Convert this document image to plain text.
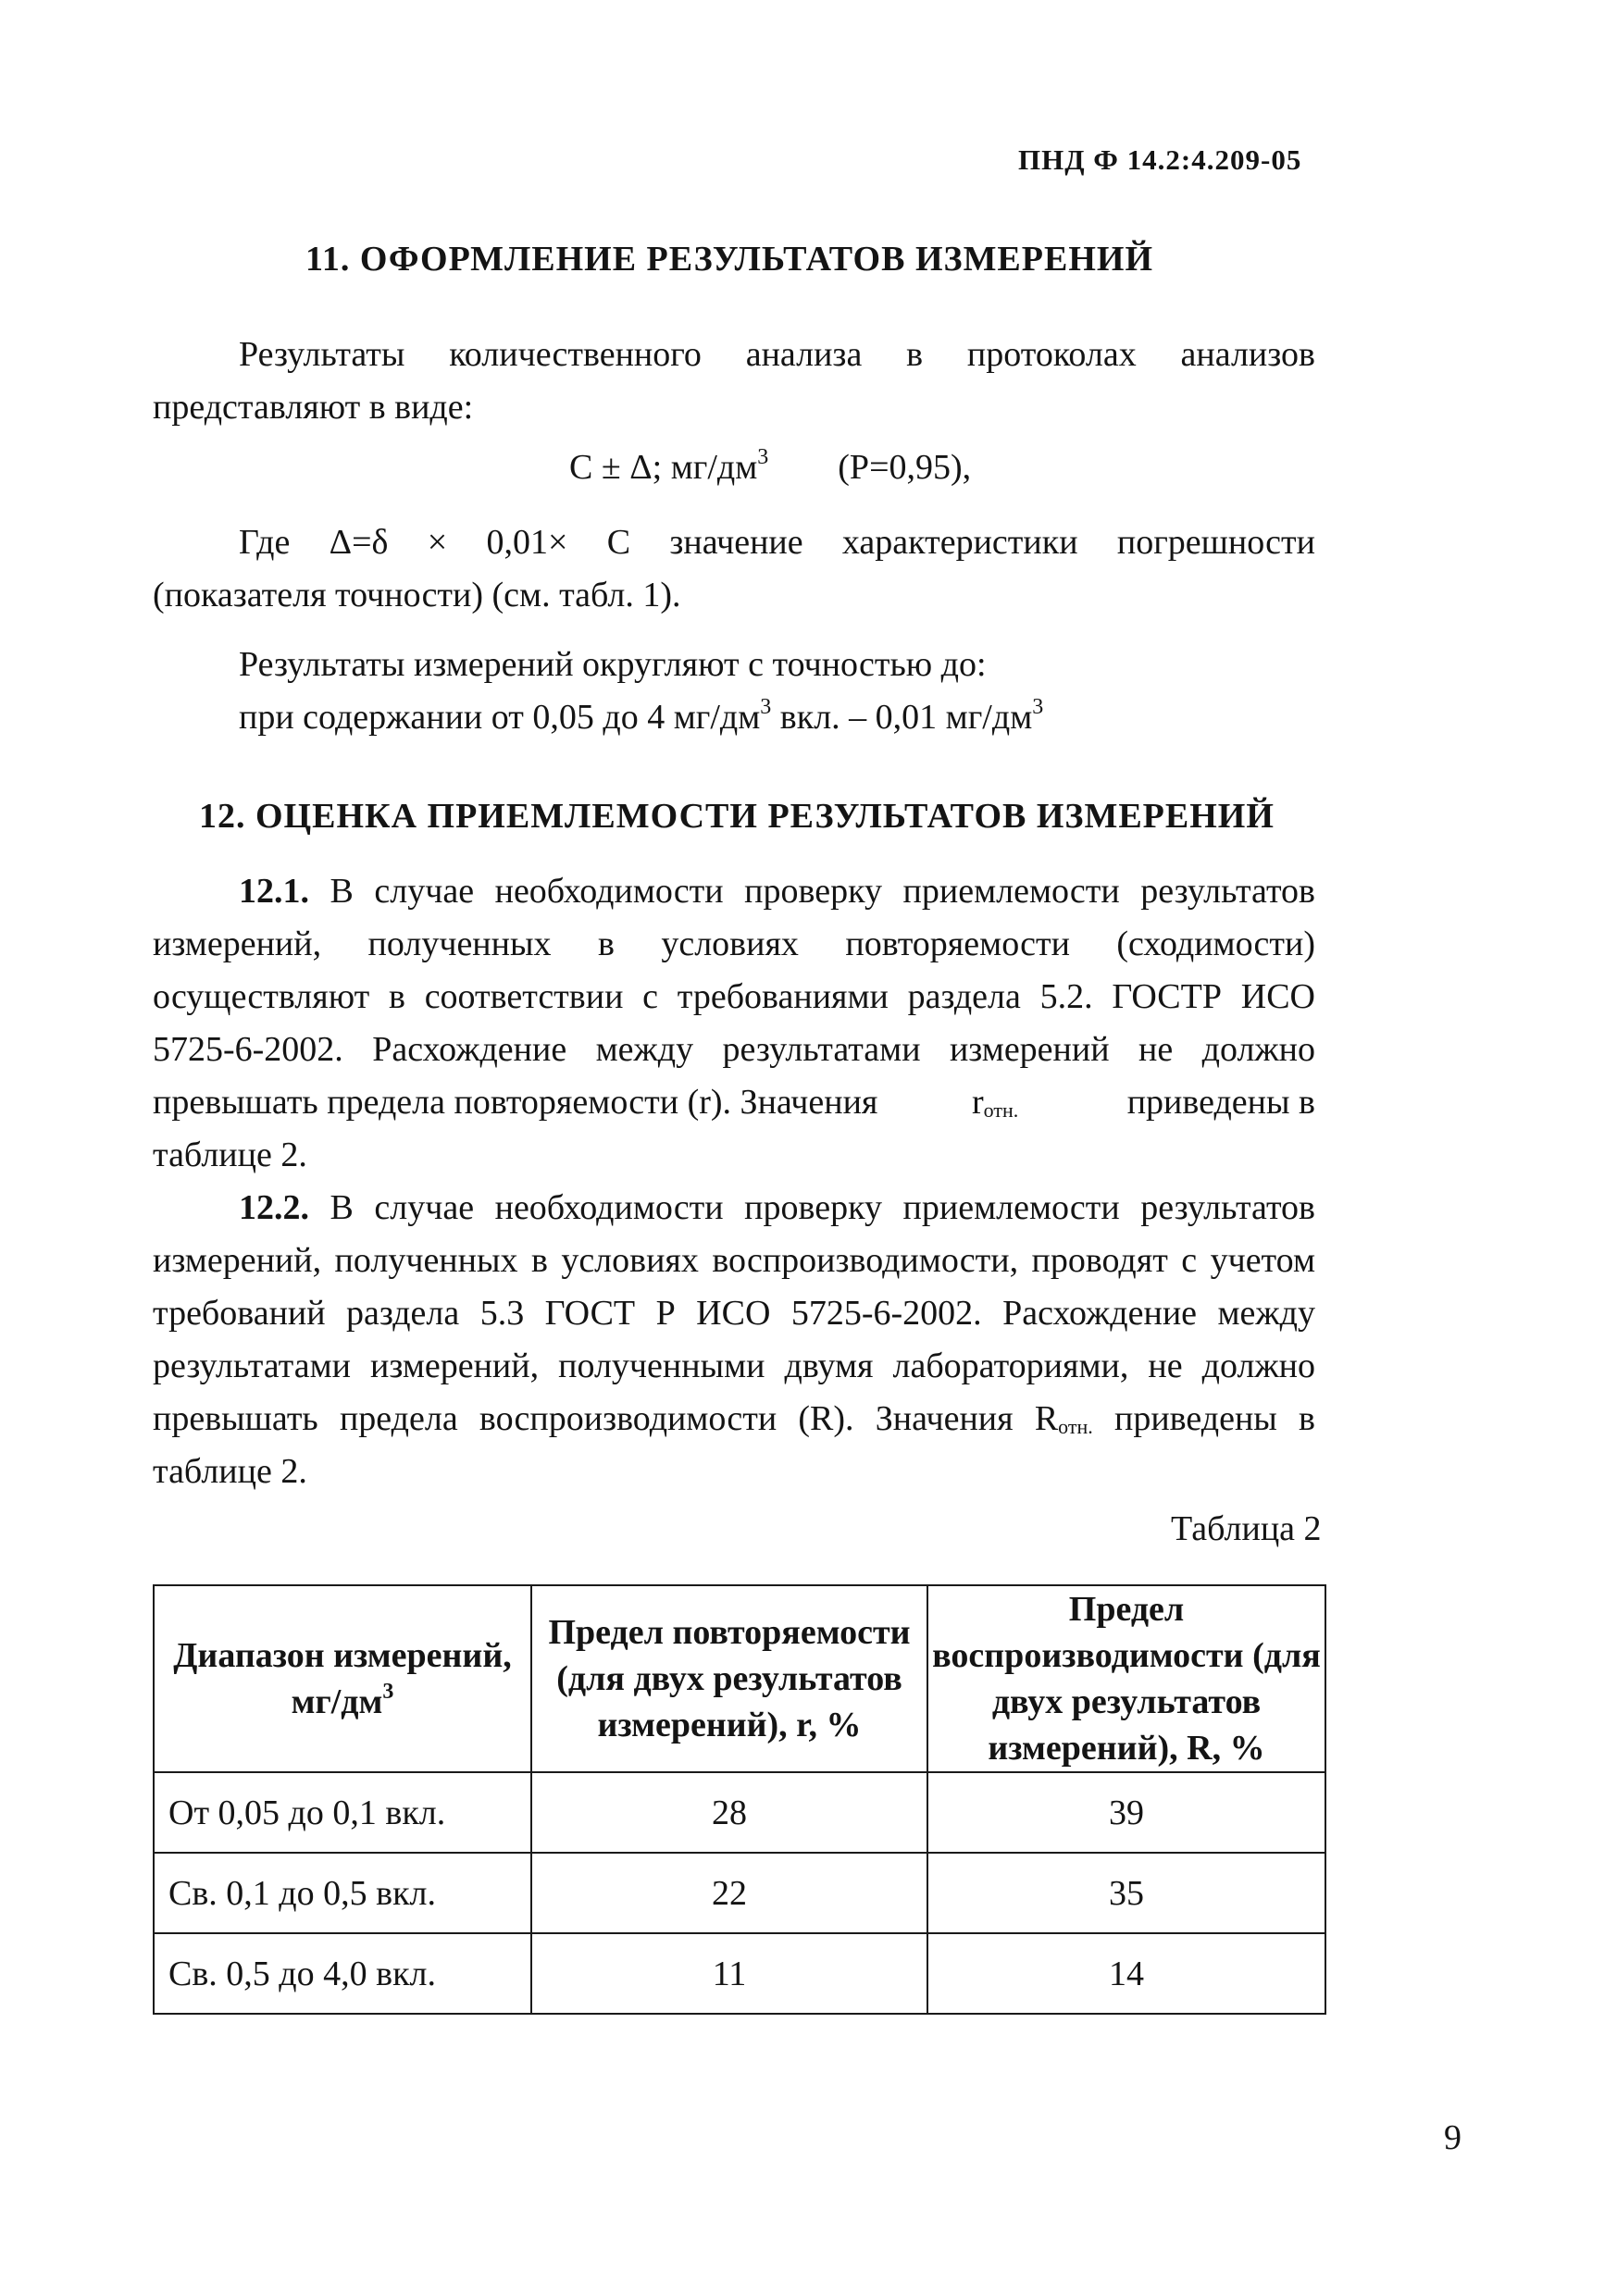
ПНД Ф 14.2:4.209-05
11. ОФОРМЛЕНИЕ РЕЗУЛЬТАТОВ ИЗМЕРЕНИЙ
Результаты количественного анализа в протоколах анализов
представляют в виде:
C ± Δ; $мг/дм^3$ (P=0,95),
Где Δ=δ × 0,01× C значение характеристики погрешности
(показателя точности) (см. табл. 1).
Результаты измерений округляют с точностью до:
при содержании от 0,05 до 4 $мг/дм^3$ вкл. – 0,01 $мг/дм^3$
12. ОЦЕНКА ПРИЕМЛЕМОСТИ РЕЗУЛЬТАТОВ ИЗМЕРЕНИЙ
12.1. В случае необходимости проверку приемлемости результатов
измерений, полученных в условиях повторяемости (сходимости)
осуществляют в соответствии с требованиями раздела 5.2. ГОСТР ИСО
5725-6-2002. Расхождение между результатами измерений не должно
превышать предела повторяемости (r). Значения	$r_{отн.}$	приведены в
таблице 2.
12.2. В случае необходимости проверку приемлемости результатов
измерений, полученных в условиях воспроизводимости, проводят с учетом
требований раздела 5.3 ГОСТ Р ИСО 5725-6-2002. Расхождение между
результатами измерений, полученными двумя лабораториями, не должно
превышать предела воспроизводимости (R). Значения $R_{отн.}$ приведены в
таблице 2.
Таблица 2
Диапазон измерений, $мг/дм^3$	Предел повторяемости (для двух результатов измерений), r, %	Предел воспроизводимости (для двух результатов измерений), R, %
От 0,05 до 0,1 вкл.	28	39
Св. 0,1 до 0,5 вкл.	22	35
Св. 0,5 до 4,0 вкл.	11	14
9
